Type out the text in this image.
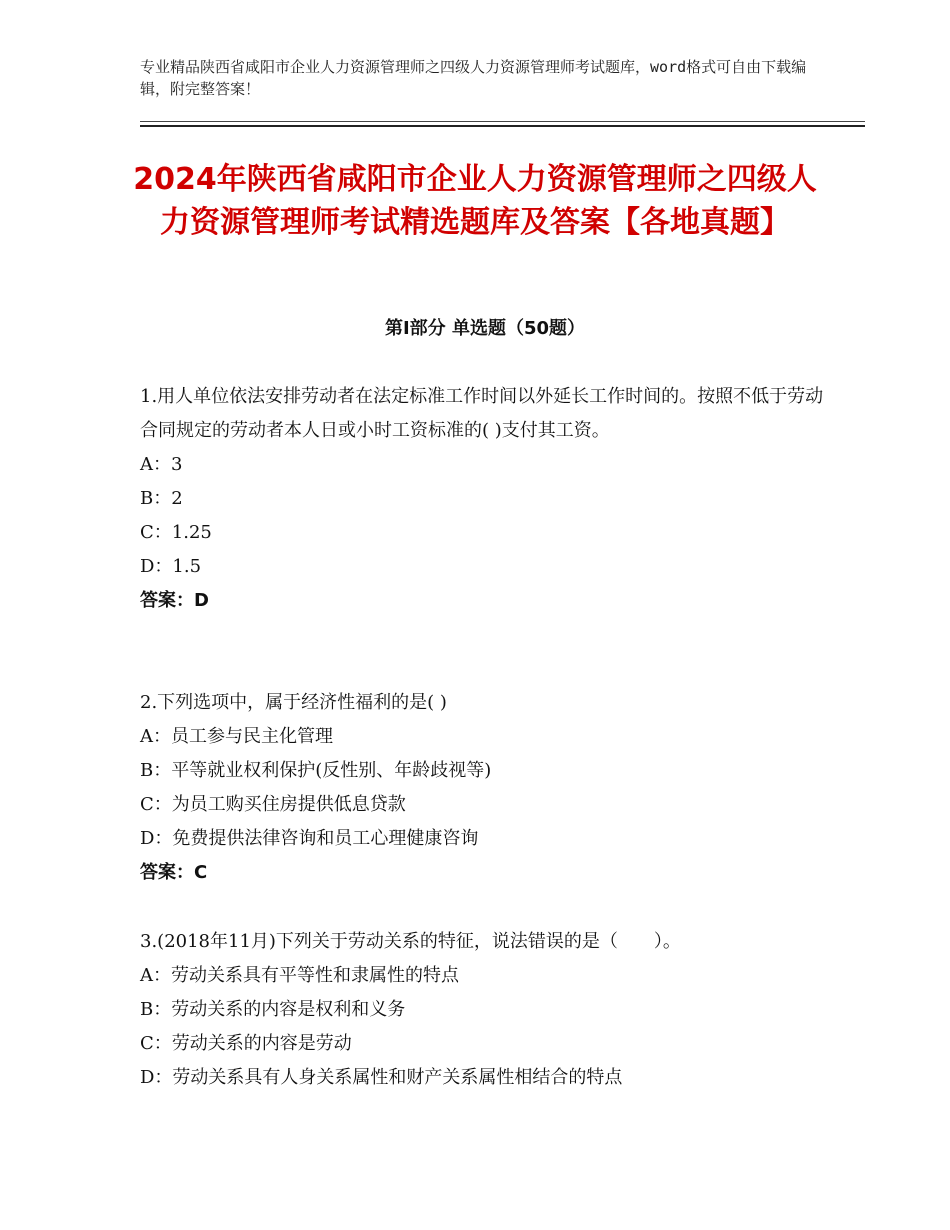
专业精品陕西省咸阳市企业人力资源管理师之四级人力资源管理师考试题库，word格式可自由下载编辑，附完整答案！
2024年陕西省咸阳市企业人力资源管理师之四级人力资源管理师考试精选题库及答案【各地真题】
第Ⅰ部分 单选题（50题）

1.用人单位依法安排劳动者在法定标准工作时间以外延长工作时间的。按照不低于劳动合同规定的劳动者本人日或小时工资标准的( )支付其工资。

A：3

B：2

C：1.25

D：1.5

答案：D

2.下列选项中，属于经济性福利的是( )

A：员工参与民主化管理

B：平等就业权利保护(反性别、年龄歧视等)

C：为员工购买住房提供低息贷款

D：免费提供法律咨询和员工心理健康咨询

答案：C

3.(2018年11月)下列关于劳动关系的特征，说法错误的是（　　）。

A：劳动关系具有平等性和隶属性的特点

B：劳动关系的内容是权利和义务

C：劳动关系的内容是劳动

D：劳动关系具有人身关系属性和财产关系属性相结合的特点
